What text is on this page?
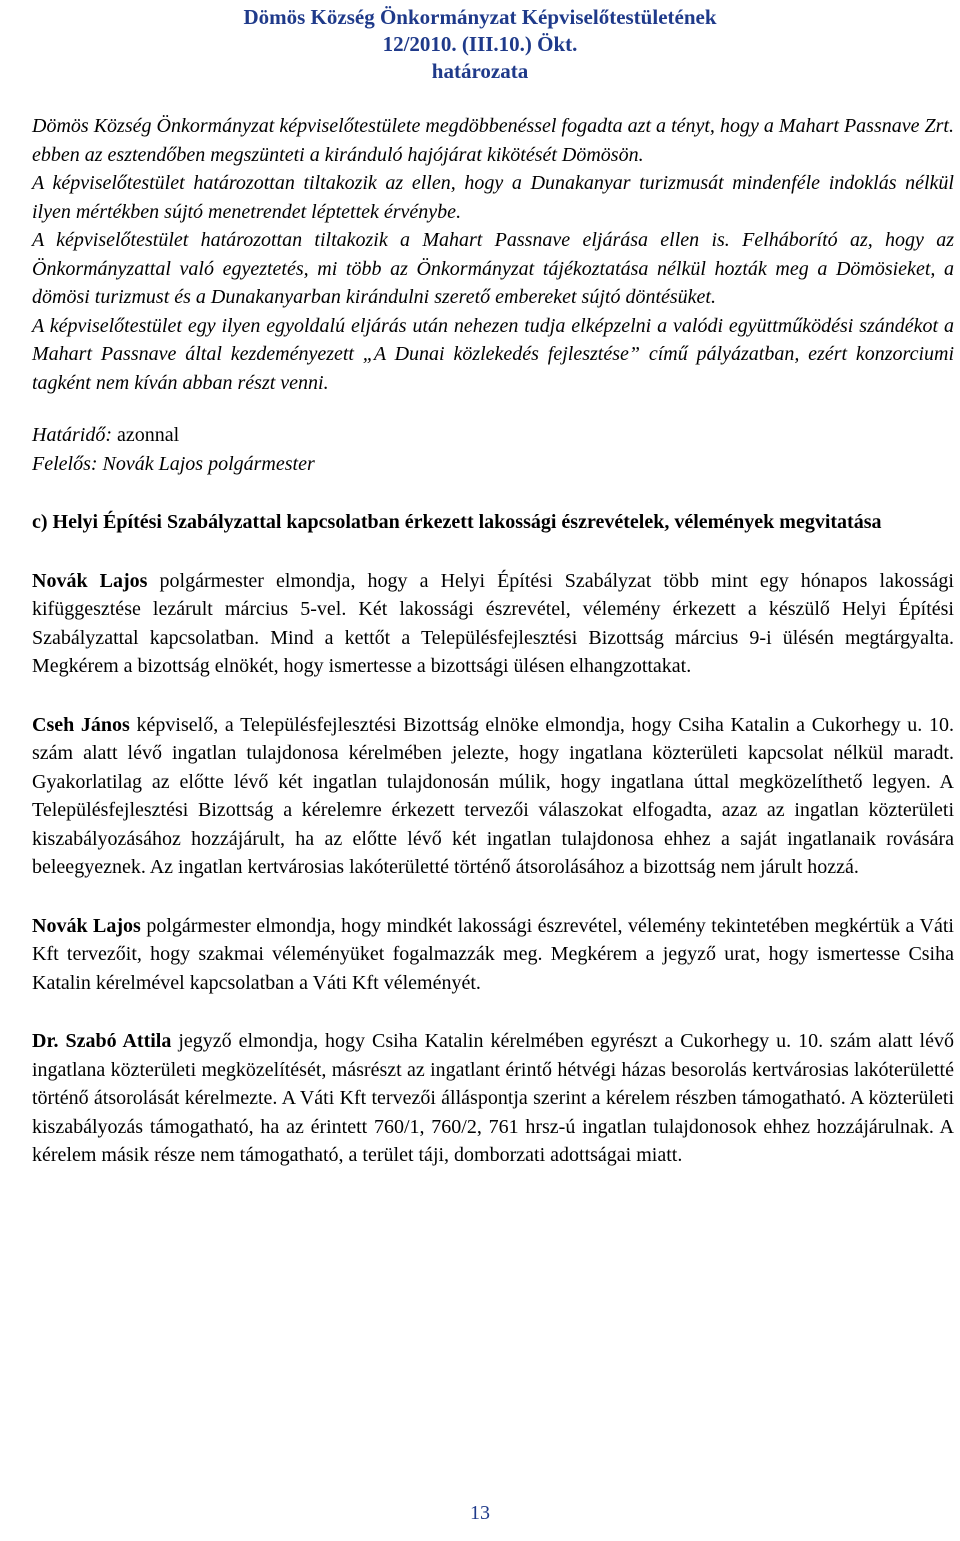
Dömös Község Önkormányzat Képviselőtestületének
12/2010. (III.10.) Ökt.
határozata

Dömös Község Önkormányzat képviselőtestülete megdöbbenéssel fogadta azt a tényt, hogy a Mahart Passnave Zrt. ebben az esztendőben megszünteti a kiránduló hajójárat kikötését Dömösön.

A képviselőtestület határozottan tiltakozik az ellen, hogy a Dunakanyar turizmusát mindenféle indoklás nélkül ilyen mértékben sújtó menetrendet léptettek érvénybe.

A képviselőtestület határozottan tiltakozik a Mahart Passnave eljárása ellen is. Felháborító az, hogy az Önkormányzattal való egyeztetés, mi több az Önkormányzat tájékoztatása nélkül hozták meg a Dömösieket, a dömösi turizmust és a Dunakanyarban kirándulni szerető embereket sújtó döntésüket.

A képviselőtestület egy ilyen egyoldalú eljárás után nehezen tudja elképzelni a valódi együttműködési szándékot a Mahart Passnave által kezdeményezett „A Dunai közlekedés fejlesztése” című pályázatban, ezért konzorciumi tagként nem kíván abban részt venni.

Határidő: azonnal

Felelős: Novák Lajos polgármester

c) Helyi Építési Szabályzattal kapcsolatban érkezett lakossági észrevételek, vélemények megvitatása

Novák Lajos polgármester elmondja, hogy a Helyi Építési Szabályzat több mint egy hónapos lakossági kifüggesztése lezárult március 5-vel. Két lakossági észrevétel, vélemény érkezett a készülő Helyi Építési Szabályzattal kapcsolatban. Mind a kettőt a Településfejlesztési Bizottság március 9-i ülésén megtárgyalta. Megkérem a bizottság elnökét, hogy ismertesse a bizottsági ülésen elhangzottakat.

Cseh János képviselő, a Településfejlesztési Bizottság elnöke elmondja, hogy Csiha Katalin a Cukorhegy u. 10. szám alatt lévő ingatlan tulajdonosa kérelmében jelezte, hogy ingatlana közterületi kapcsolat nélkül maradt. Gyakorlatilag az előtte lévő két ingatlan tulajdonosán múlik, hogy ingatlana úttal megközelíthető legyen. A Településfejlesztési Bizottság a kérelemre érkezett tervezői válaszokat elfogadta, azaz az ingatlan közterületi kiszabályozásához hozzájárult, ha az előtte lévő két ingatlan tulajdonosa ehhez a saját ingatlanaik rovására beleegyeznek. Az ingatlan kertvárosias lakóterületté történő átsorolásához a bizottság nem járult hozzá.

Novák Lajos polgármester elmondja, hogy mindkét lakossági észrevétel, vélemény tekintetében megkértük a Váti Kft tervezőit, hogy szakmai véleményüket fogalmazzák meg. Megkérem a jegyző urat, hogy ismertesse Csiha Katalin kérelmével kapcsolatban a Váti Kft véleményét.

Dr. Szabó Attila jegyző elmondja, hogy Csiha Katalin kérelmében egyrészt a Cukorhegy u. 10. szám alatt lévő ingatlana közterületi megközelítését, másrészt az ingatlant érintő hétvégi házas besorolás kertvárosias lakóterületté történő átsorolását kérelmezte. A Váti Kft tervezői álláspontja szerint a kérelem részben támogatható. A közterületi kiszabályozás támogatható, ha az érintett 760/1, 760/2, 761 hrsz-ú ingatlan tulajdonosok ehhez hozzájárulnak. A kérelem másik része nem támogatható, a terület táji, domborzati adottságai miatt.

13
